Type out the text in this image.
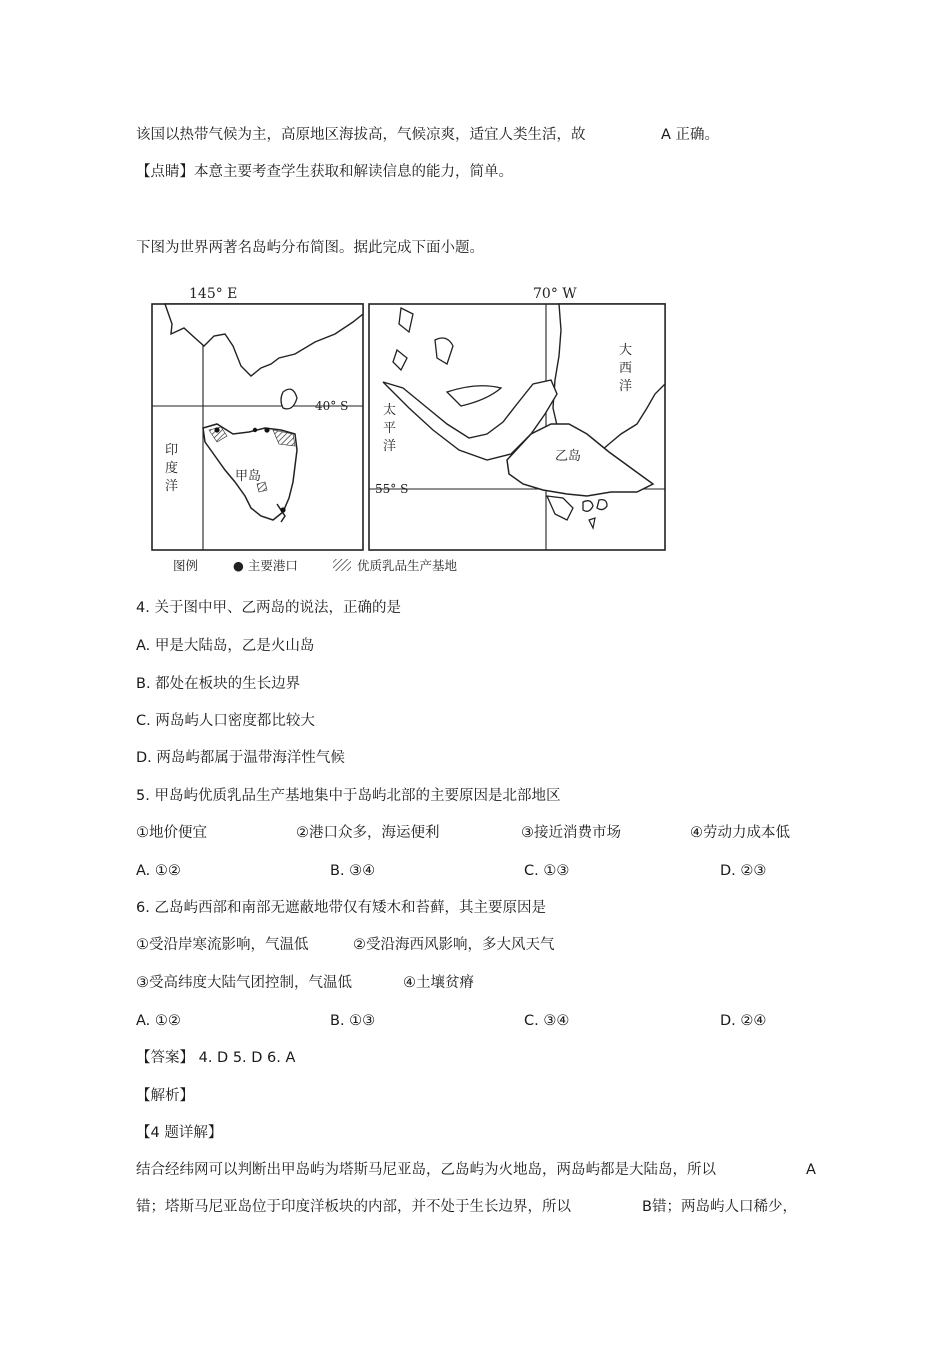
该国以热带气候为主，高原地区海拔高，气候凉爽，适宜人类生活，故	A 正确。
【点睛】本意主要考查学生获取和解读信息的能力，简单。
下图为世界两著名岛屿分布简图。据此完成下面小题。
145° E
40° S
印
度
洋
甲岛
70° W
55° S
太
平
洋
大
西
洋
乙岛
图例	● 主要港口	优质乳品生产基地
4. 关于图中甲、乙两岛的说法，正确的是
A. 甲是大陆岛，乙是火山岛
B. 都处在板块的生长边界
C. 两岛屿人口密度都比较大
D. 两岛屿都属于温带海洋性气候
5. 甲岛屿优质乳品生产基地集中于岛屿北部的主要原因是北部地区
①地价便宜	②港口众多，海运便利	③接近消费市场	④劳动力成本低
A. ①②	B. ③④	C. ①③	D. ②③
6. 乙岛屿西部和南部无遮蔽地带仅有矮木和苔藓，其主要原因是
①受沿岸寒流影响，气温低	②受沿海西风影响，多大风天气
③受高纬度大陆气团控制，气温低	④土壤贫瘠
A. ①②	B. ①③	C. ③④	D. ②④
【答案】 4. D 5. D 6. A
【解析】
【4 题详解】
结合经纬网可以判断出甲岛屿为塔斯马尼亚岛，乙岛屿为火地岛，两岛屿都是大陆岛，所以	A
错；塔斯马尼亚岛位于印度洋板块的内部，并不处于生长边界，所以	B错；两岛屿人口稀少，
